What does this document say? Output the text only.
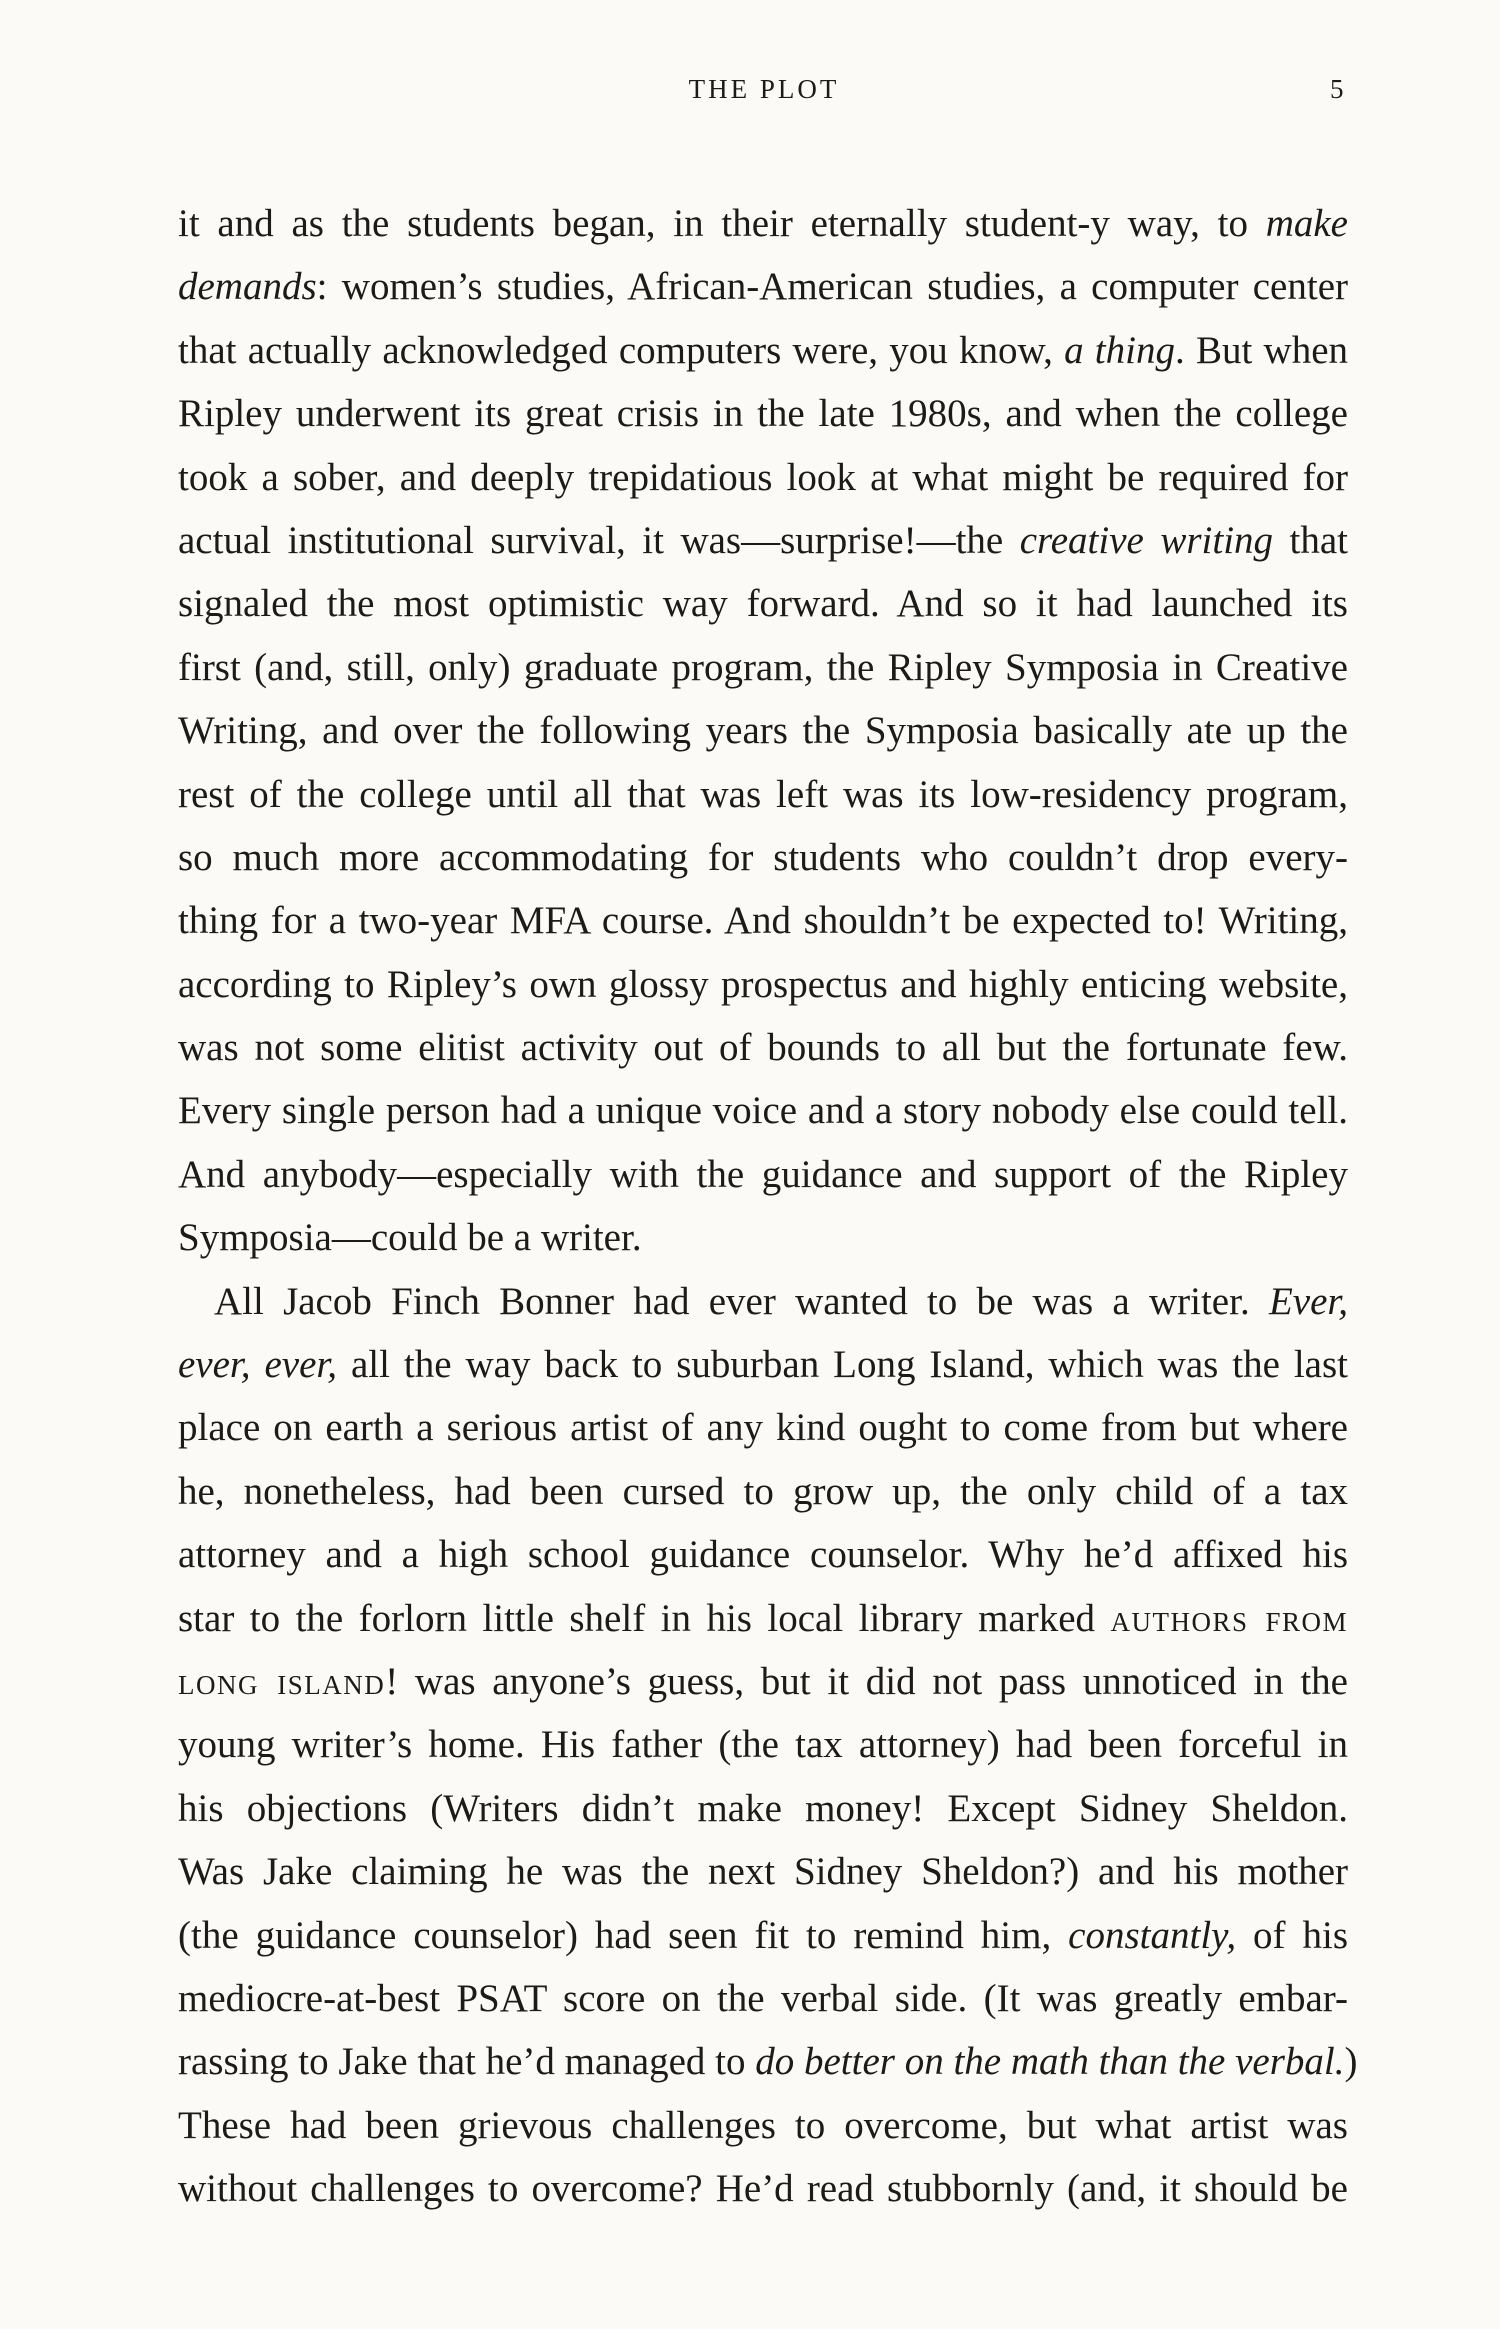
THE PLOT	5
it and as the students began, in their eternally student-y way, to make
demands: women’s studies, African-American studies, a computer center
that actually acknowledged computers were, you know, a thing. But when
Ripley underwent its great crisis in the late 1980s, and when the college
took a sober, and deeply trepidatious look at what might be required for
actual institutional survival, it was—surprise!—the creative writing that
signaled the most optimistic way forward. And so it had launched its
first (and, still, only) graduate program, the Ripley Symposia in Creative
Writing, and over the following years the Symposia basically ate up the
rest of the college until all that was left was its low-residency program,
so much more accommodating for students who couldn’t drop every-
thing for a two-year MFA course. And shouldn’t be expected to! Writing,
according to Ripley’s own glossy prospectus and highly enticing website,
was not some elitist activity out of bounds to all but the fortunate few.
Every single person had a unique voice and a story nobody else could tell.
And anybody—especially with the guidance and support of the Ripley
Symposia—could be a writer.
All Jacob Finch Bonner had ever wanted to be was a writer. Ever,
ever, ever, all the way back to suburban Long Island, which was the last
place on earth a serious artist of any kind ought to come from but where
he, nonetheless, had been cursed to grow up, the only child of a tax
attorney and a high school guidance counselor. Why he’d affixed his
star to the forlorn little shelf in his local library marked authors from
long island! was anyone’s guess, but it did not pass unnoticed in the
young writer’s home. His father (the tax attorney) had been forceful in
his objections (Writers didn’t make money! Except Sidney Sheldon.
Was Jake claiming he was the next Sidney Sheldon?) and his mother
(the guidance counselor) had seen fit to remind him, constantly, of his
mediocre-at-best PSAT score on the verbal side. (It was greatly embar-
rassing to Jake that he’d managed to do better on the math than the verbal.)
These had been grievous challenges to overcome, but what artist was
without challenges to overcome? He’d read stubbornly (and, it should be
